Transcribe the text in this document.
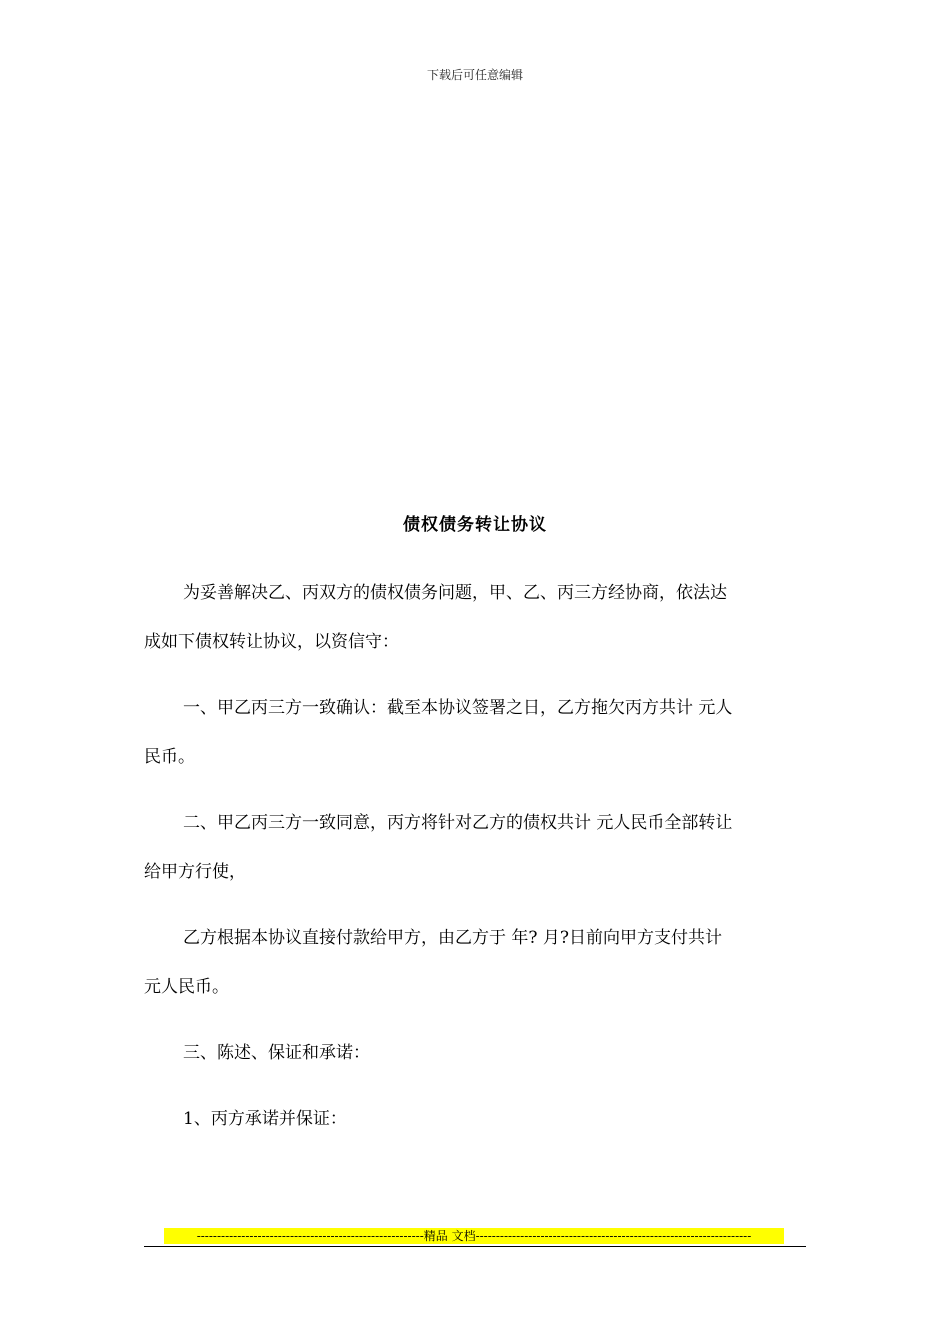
下载后可任意编辑
债权债务转让协议
为妥善解决乙、丙双方的债权债务问题，甲、乙、丙三方经协商，依法达
成如下债权转让协议，以资信守：
一、甲乙丙三方一致确认：截至本协议签署之日，乙方拖欠丙方共计 元人
民币。
二、甲乙丙三方一致同意，丙方将针对乙方的债权共计 元人民币全部转让
给甲方行使，
乙方根据本协议直接付款给甲方，由乙方于 年? 月?日前向甲方支付共计
元人民币。
三、陈述、保证和承诺：
1、丙方承诺并保证：
--------------------------------------------------------精品 文档--------------------------------------------------------------------
